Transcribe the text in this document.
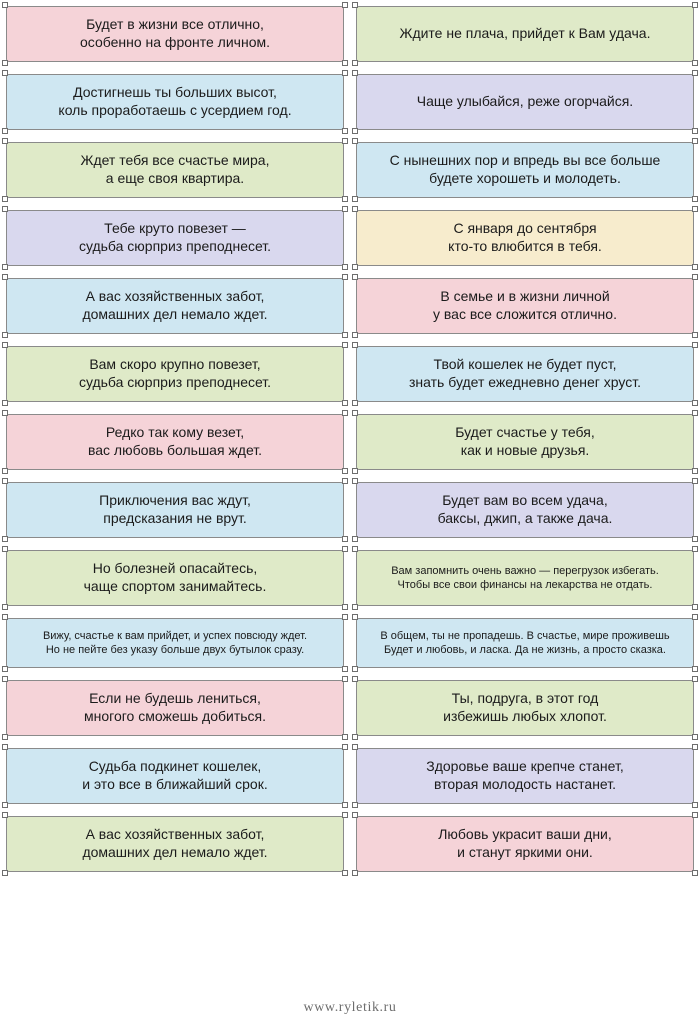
Будет в жизни все отлично,
особенно на фронте личном.
Достигнешь ты больших высот,
коль проработаешь с усердием год.
Ждет тебя все счастье мира,
а еще своя квартира.
Тебе круто повезет —
судьба сюрприз преподнесет.
А вас хозяйственных забот,
домашних дел немало ждет.
Вам скоро крупно повезет,
судьба сюрприз преподнесет.
Редко так кому везет,
вас любовь большая ждет.
Приключения вас ждут,
предсказания не врут.
Но болезней опасайтесь,
чаще спортом занимайтесь.
Вижу, счастье к вам прийдет, и успех повсюду ждет.
Но не пейте без указу больше двух бутылок сразу.
Если не будешь лениться,
многого сможешь добиться.
Судьба подкинет кошелек,
и это все в ближайший срок.
А вас хозяйственных забот,
домашних дел немало ждет.
Ждите не плача, прийдет к Вам удача.
Чаще улыбайся, реже огорчайся.
С нынешних пор и впредь вы все больше
будете хорошеть и молодеть.
С января до сентября
кто-то влюбится в тебя.
В семье и в жизни личной
у вас все сложится отлично.
Твой кошелек не будет пуст,
знать будет ежедневно денег хруст.
Будет счастье у тебя,
как и новые друзья.
Будет вам во всем удача,
баксы, джип, а также дача.
Вам запомнить очень важно — перегрузок избегать.
Чтобы все свои финансы на лекарства не отдать.
В общем, ты не пропадешь. В счастье, мире проживешь
Будет и любовь, и ласка. Да не жизнь, а просто сказка.
Ты, подруга, в этот год
избежишь любых хлопот.
Здоровье ваше крепче станет,
вторая молодость настанет.
Любовь украсит ваши дни,
и станут яркими они.
www.ryletik.ru
